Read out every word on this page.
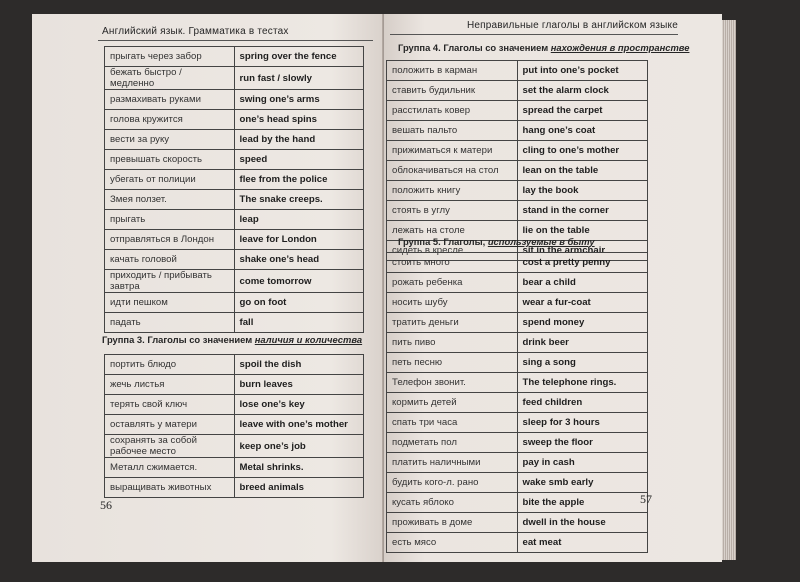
Английский язык. Грамматика в тестах
прыгать через забор	spring over the fence
бежать быстро / медленно	run fast / slowly
размахивать руками	swing one’s arms
голова кружится	one’s head spins
вести за руку	lead by the hand
превышать скорость	speed
убегать от полиции	flee from the police
Змея ползет.	The snake creeps.
прыгать	leap
отправляться в Лондон	leave for London
качать головой	shake one’s head
приходить / прибывать завтра	come tomorrow
идти пешком	go on foot
падать	fall
Группа 3. Глаголы со значением наличия и количества
портить блюдо	spoil the dish
жечь листья	burn leaves
терять свой ключ	lose one’s key
оставлять у матери	leave with one’s mother
сохранять за собой рабочее место	keep one’s job
Металл сжимается.	Metal shrinks.
выращивать животных	breed animals
56
Неправильные глаголы в английском языке
Группа 4. Глаголы со значением нахождения в пространстве
положить в карман	put into one’s pocket
ставить будильник	set the alarm clock
расстилать ковер	spread the carpet
вешать пальто	hang one’s coat
прижиматься к матери	cling to one’s mother
облокачиваться на стол	lean on the table
положить книгу	lay the book
стоять в углу	stand in the corner
лежать на столе	lie on the table
сидеть в кресле	sit in the armchair
Группа 5. Глаголы, используемые в быту
стоить много	cost a pretty penny
рожать ребенка	bear a child
носить шубу	wear a fur-coat
тратить деньги	spend money
пить пиво	drink beer
петь песню	sing a song
Телефон звонит.	The telephone rings.
кормить детей	feed children
спать три часа	sleep for 3 hours
подметать пол	sweep the floor
платить наличными	pay in cash
будить кого-л. рано	wake smb early
кусать яблоко	bite the apple
проживать в доме	dwell in the house
есть мясо	eat meat
57
